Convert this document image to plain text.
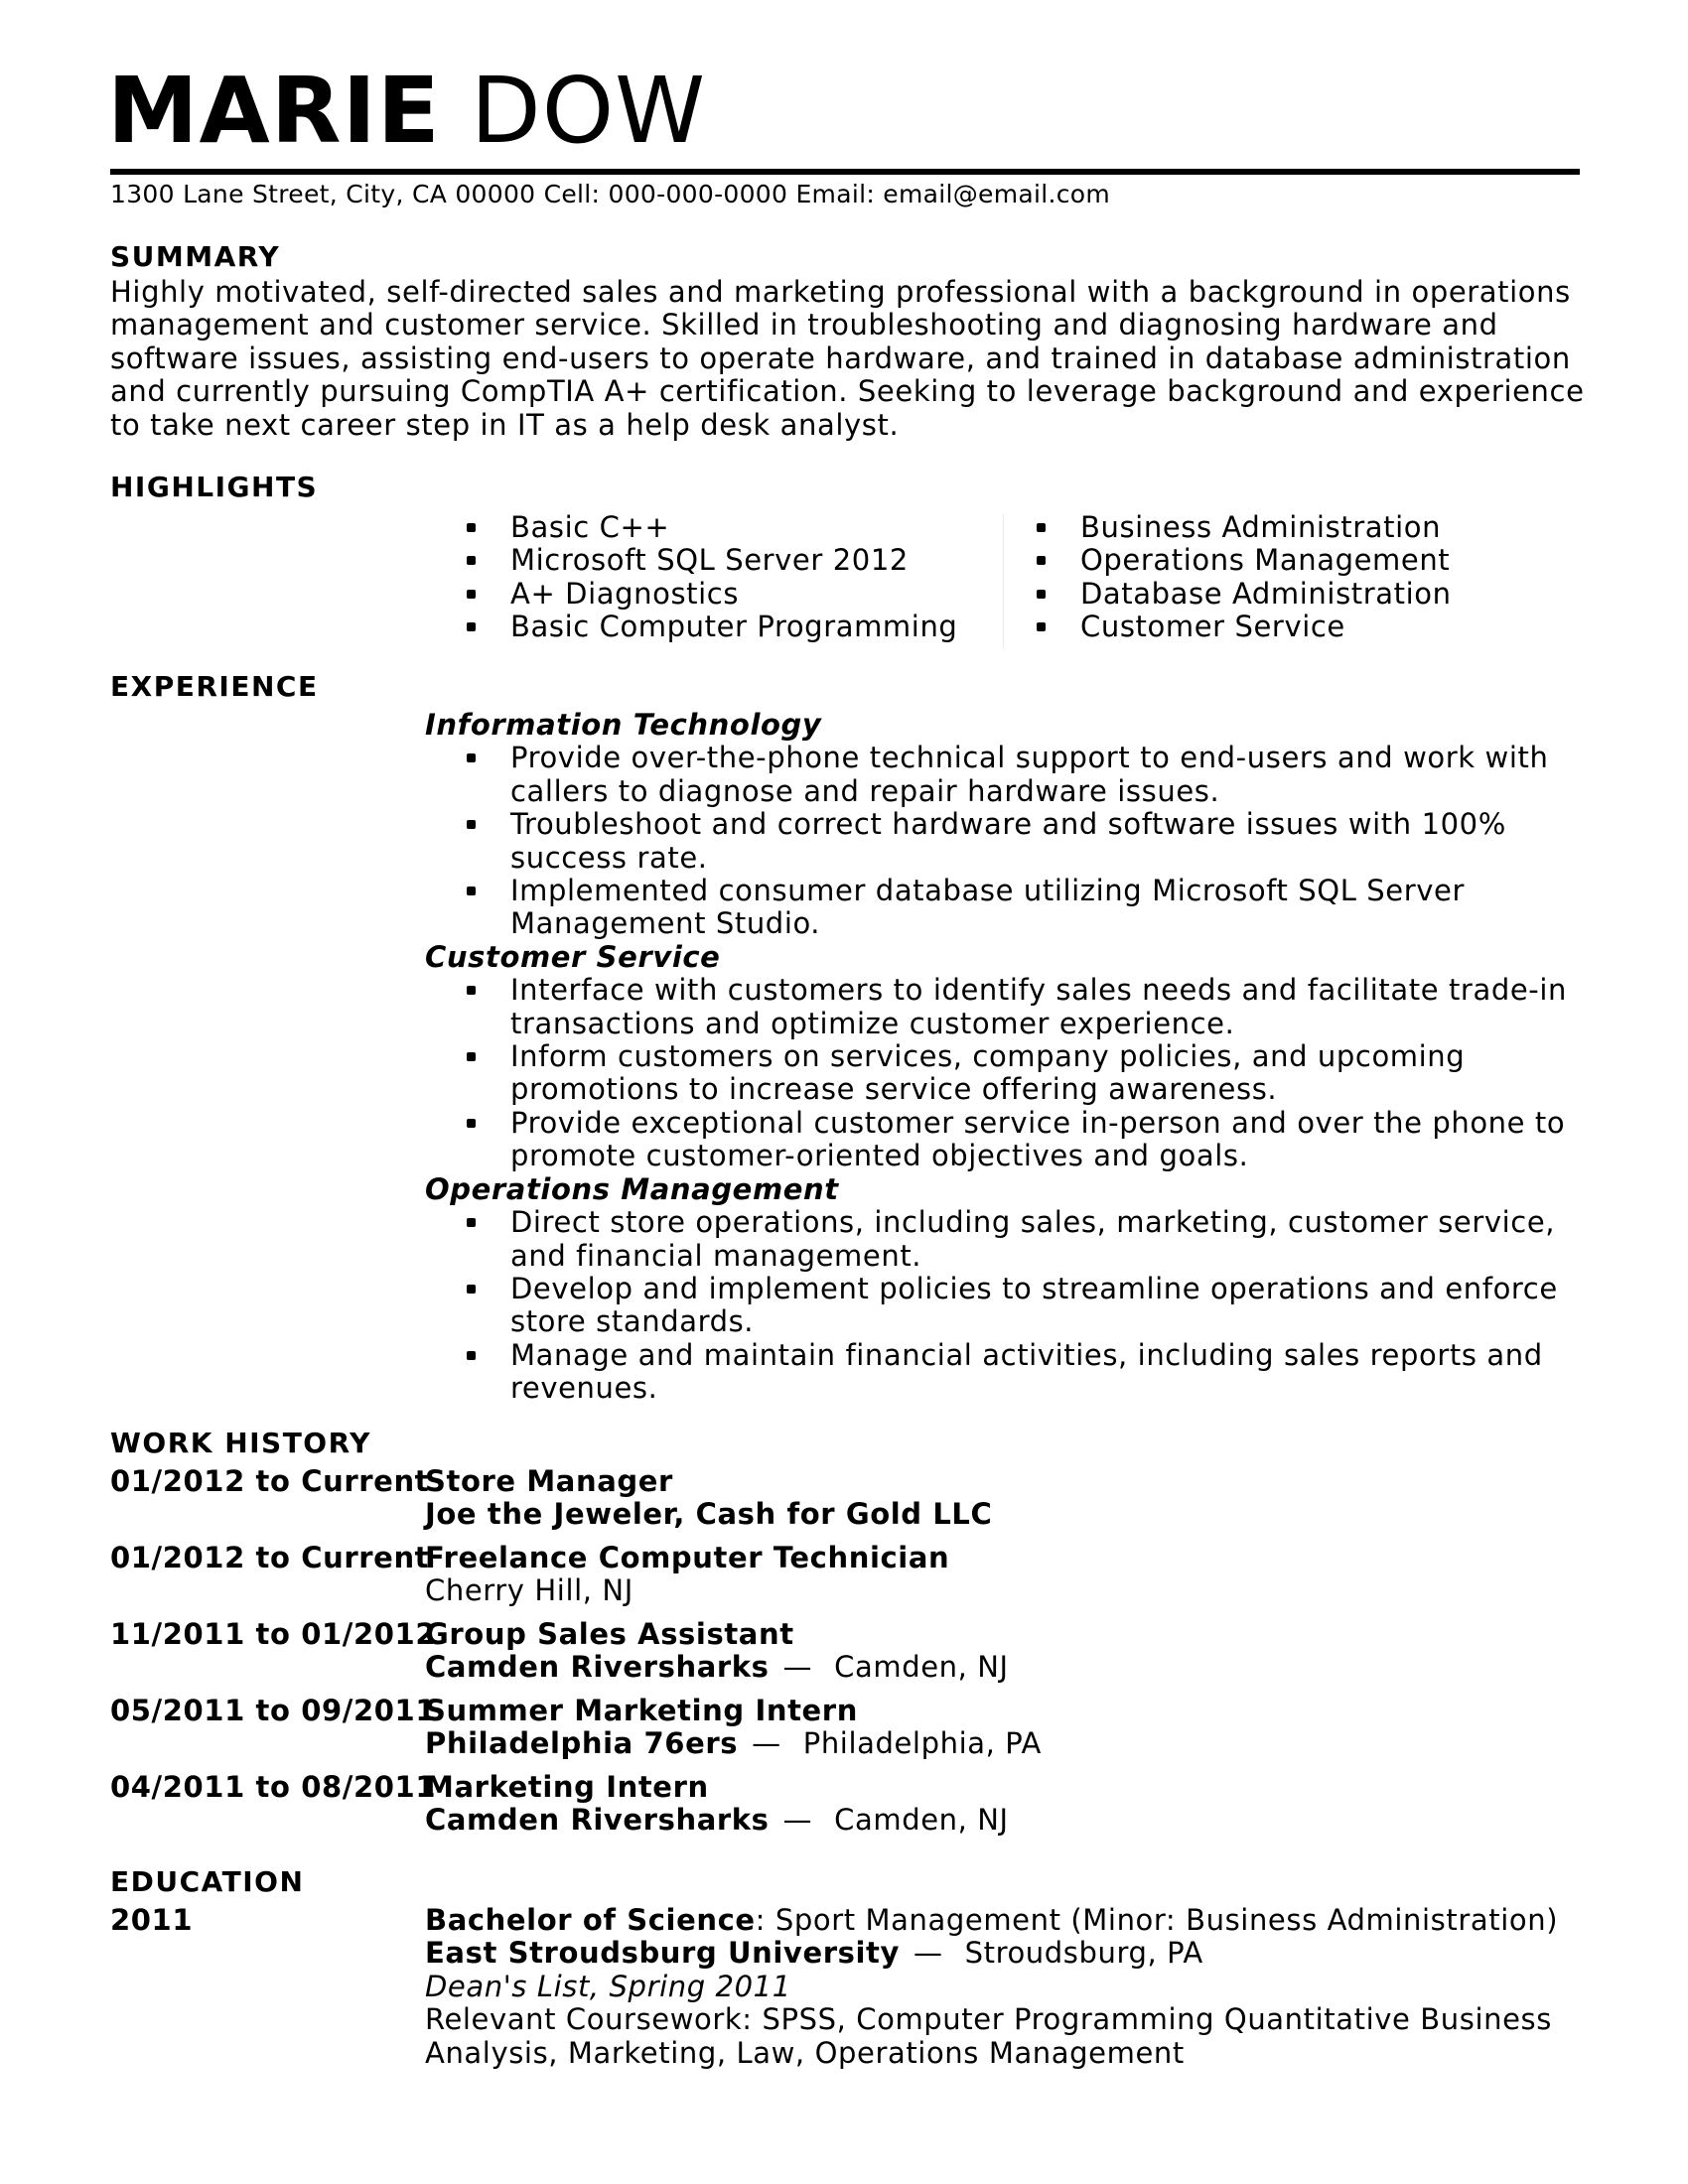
MARIE DOW
1300 Lane Street, City, CA 00000 Cell: 000-000-0000 Email: email@email.com
SUMMARY

Highly motivated, self-directed sales and marketing professional with a background in operations

management and customer service. Skilled in troubleshooting and diagnosing hardware and

software issues, assisting end-users to operate hardware, and trained in database administration

and currently pursuing CompTIA A+ certification. Seeking to leverage background and experience

to take next career step in IT as a help desk analyst.

HIGHLIGHTS
Basic C++
Microsoft SQL Server 2012
A+ Diagnostics
Basic Computer Programming
Business Administration
Operations Management
Database Administration
Customer Service
EXPERIENCE

Information Technology

Provide over-the-phone technical support to end-users and work with
callers to diagnose and repair hardware issues.
Troubleshoot and correct hardware and software issues with 100%
success rate.
Implemented consumer database utilizing Microsoft SQL Server
Management Studio.

Customer Service

Interface with customers to identify sales needs and facilitate trade-in
transactions and optimize customer experience.
Inform customers on services, company policies, and upcoming
promotions to increase service offering awareness.
Provide exceptional customer service in-person and over the phone to
promote customer-oriented objectives and goals.

Operations Management

Direct store operations, including sales, marketing, customer service,
and financial management.
Develop and implement policies to streamline operations and enforce
store standards.
Manage and maintain financial activities, including sales reports and
revenues.
WORK HISTORY
01/2012 to Current
Store Manager
Joe the Jeweler, Cash for Gold LLC
01/2012 to Current
Freelance Computer Technician
Cherry Hill, NJ
11/2011 to 01/2012
Group Sales Assistant
Camden Riversharks — Camden, NJ
05/2011 to 09/2011
Summer Marketing Intern
Philadelphia 76ers — Philadelphia, PA
04/2011 to 08/2011
Marketing Intern
Camden Riversharks — Camden, NJ
EDUCATION
2011	Bachelor of Science: Sport Management (Minor: Business Administration)
East Stroudsburg University — Stroudsburg, PA
Dean's List, Spring 2011
Relevant Coursework: SPSS, Computer Programming Quantitative Business
Analysis, Marketing, Law, Operations Management
